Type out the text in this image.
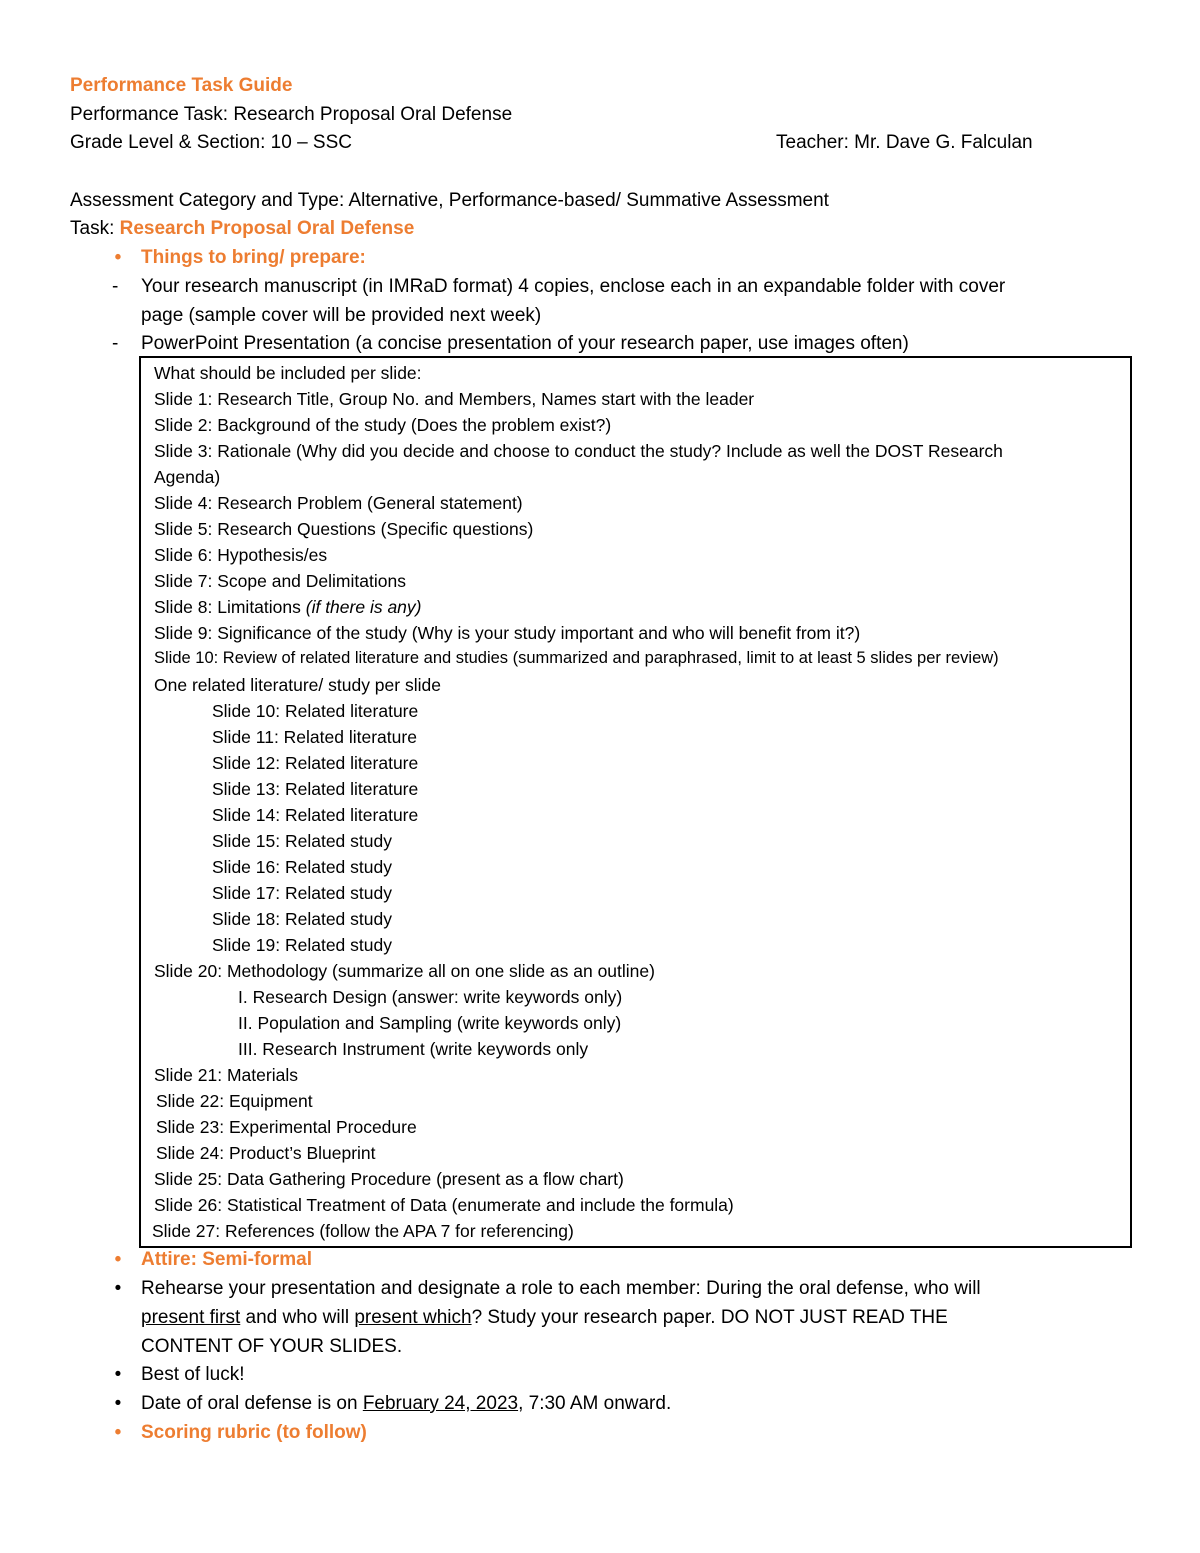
Performance Task Guide
Performance Task: Research Proposal Oral Defense
Grade Level & Section: 10 – SSC	Teacher: Mr. Dave G. Falculan
Assessment Category and Type: Alternative, Performance-based/ Summative Assessment
Task: Research Proposal Oral Defense
• Things to bring/ prepare:
- Your research manuscript (in IMRaD format) 4 copies, enclose each in an expandable folder with cover
page (sample cover will be provided next week)
- PowerPoint Presentation (a concise presentation of your research paper, use images often)
What should be included per slide:
Slide 1: Research Title, Group No. and Members, Names start with the leader
Slide 2: Background of the study (Does the problem exist?)
Slide 3: Rationale (Why did you decide and choose to conduct the study? Include as well the DOST Research
Agenda)
Slide 4: Research Problem (General statement)
Slide 5: Research Questions (Specific questions)
Slide 6: Hypothesis/es
Slide 7: Scope and Delimitations
Slide 8: Limitations (if there is any)
Slide 9: Significance of the study (Why is your study important and who will benefit from it?)
Slide 10: Review of related literature and studies (summarized and paraphrased, limit to at least 5 slides per review)
One related literature/ study per slide
Slide 10: Related literature
Slide 11: Related literature
Slide 12: Related literature
Slide 13: Related literature
Slide 14: Related literature
Slide 15: Related study
Slide 16: Related study
Slide 17: Related study
Slide 18: Related study
Slide 19: Related study
Slide 20: Methodology (summarize all on one slide as an outline)
I. Research Design (answer: write keywords only)
II. Population and Sampling (write keywords only)
III. Research Instrument (write keywords only
Slide 21: Materials
Slide 22: Equipment
Slide 23: Experimental Procedure
Slide 24: Product’s Blueprint
Slide 25: Data Gathering Procedure (present as a flow chart)
Slide 26: Statistical Treatment of Data (enumerate and include the formula)
Slide 27: References (follow the APA 7 for referencing)
• Attire: Semi-formal
• Rehearse your presentation and designate a role to each member: During the oral defense, who will
present first and who will present which? Study your research paper. DO NOT JUST READ THE
CONTENT OF YOUR SLIDES.
• Best of luck!
• Date of oral defense is on February 24, 2023, 7:30 AM onward.
• Scoring rubric (to follow)
